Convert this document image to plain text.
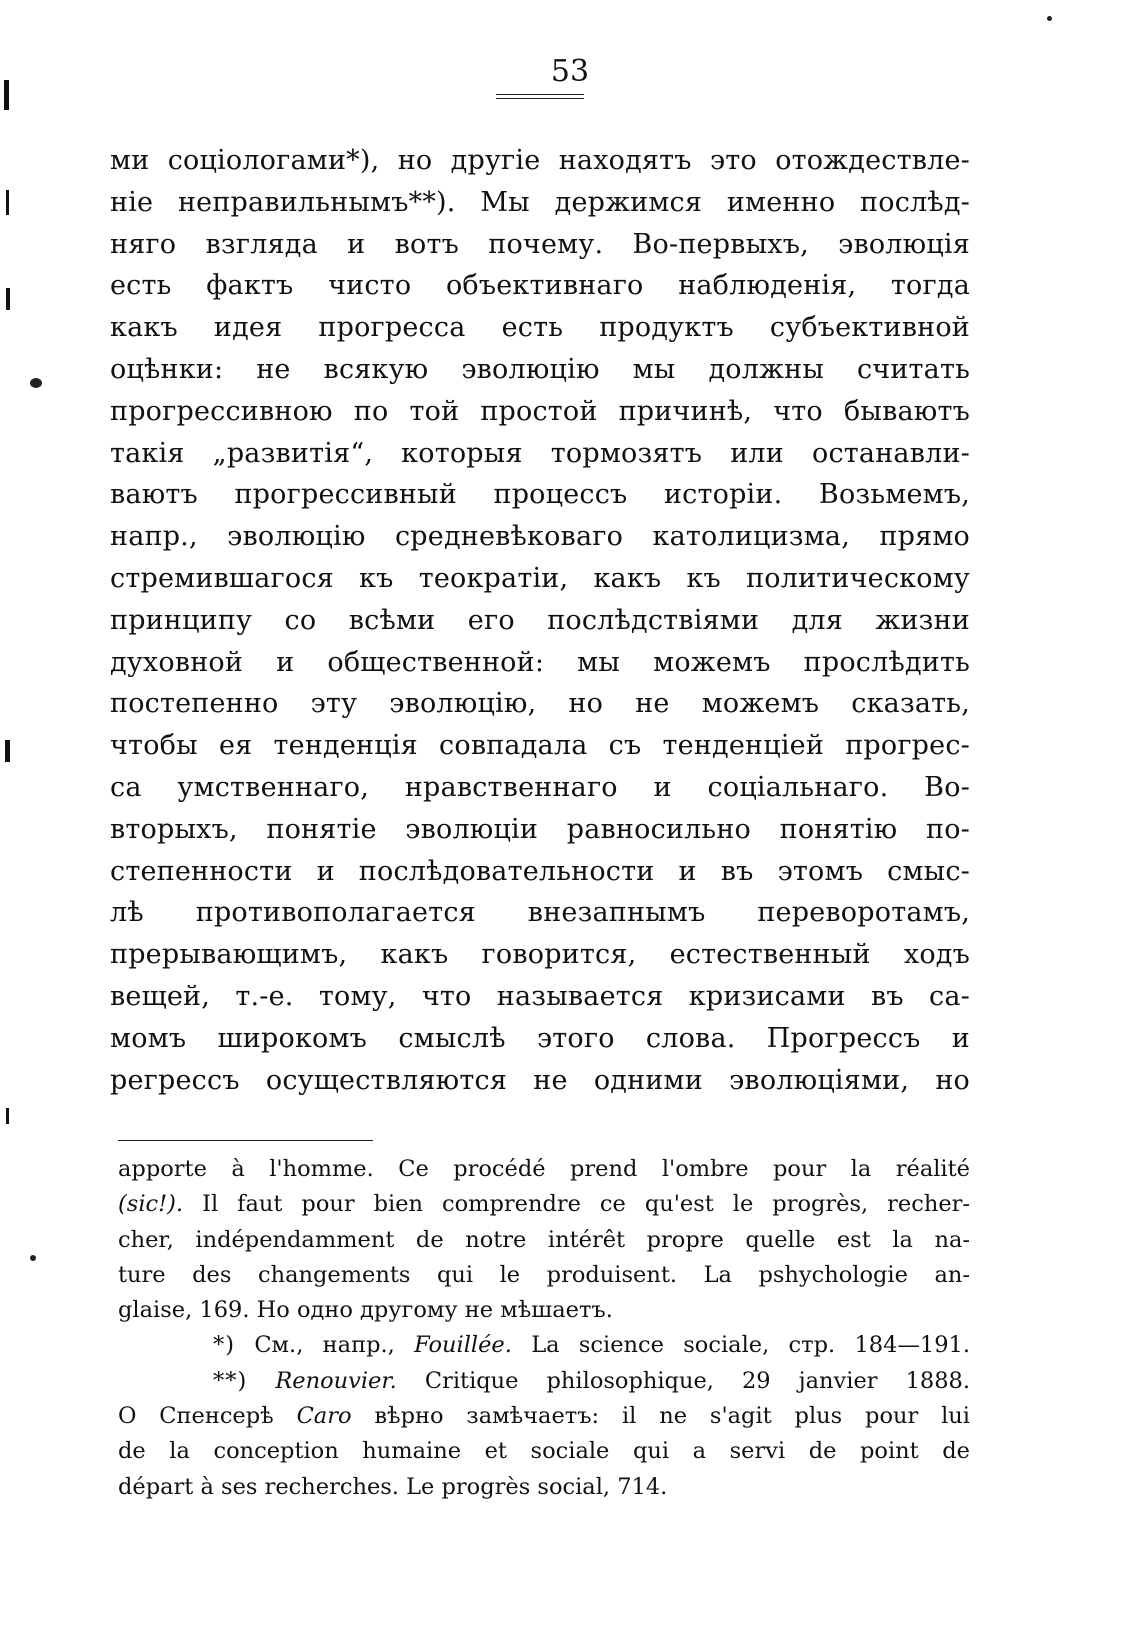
53
ми соціологами*), но другіе находятъ это отождествле-
ніе неправильнымъ**). Мы держимся именно послѣд-
няго взгляда и вотъ почему. Во-первыхъ, эволюція
есть фактъ чисто объективнаго наблюденія, тогда
какъ идея прогресса есть продуктъ субъективной
оцѣнки: не всякую эволюцію мы должны считать
прогрессивною по той простой причинѣ, что бываютъ
такія „развитія“, которыя тормозятъ или останавли-
ваютъ прогрессивный процессъ исторіи. Возьмемъ,
напр., эволюцію средневѣковаго католицизма, прямо
стремившагося къ теократіи, какъ къ политическому
принципу со всѣми его послѣдствіями для жизни
духовной и общественной: мы можемъ прослѣдить
постепенно эту эволюцію, но не можемъ сказать,
чтобы ея тенденція совпадала съ тенденціей прогрес-
са умственнаго, нравственнаго и соціальнаго. Во-
вторыхъ, понятіе эволюціи равносильно понятію по-
степенности и послѣдовательности и въ этомъ смыс-
лѣ противополагается внезапнымъ переворотамъ,
прерывающимъ, какъ говорится, естественный ходъ
вещей, т.-е. тому, что называется кризисами въ са-
момъ широкомъ смыслѣ этого слова. Прогрессъ и
регрессъ осуществляются не одними эволюціями, но
apporte à l'homme. Ce procédé prend l'ombre pour la réalité
(sic!). Il faut pour bien comprendre ce qu'est le progrès, recher-
cher, indépendamment de notre intérêt propre quelle est la na-
ture des changements qui le produisent. La pshychologie an-
glaise, 169. Но одно другому не мѣшаетъ.
*) См., напр., Fouillée. La science sociale, стр. 184—191.
**) Renouvier. Critique philosophique, 29 janvier 1888.
О Спенсерѣ Caro вѣрно замѣчаетъ: il ne s'agit plus pour lui
de la conception humaine et sociale qui a servi de point de
départ à ses recherches. Le progrès social, 714.
